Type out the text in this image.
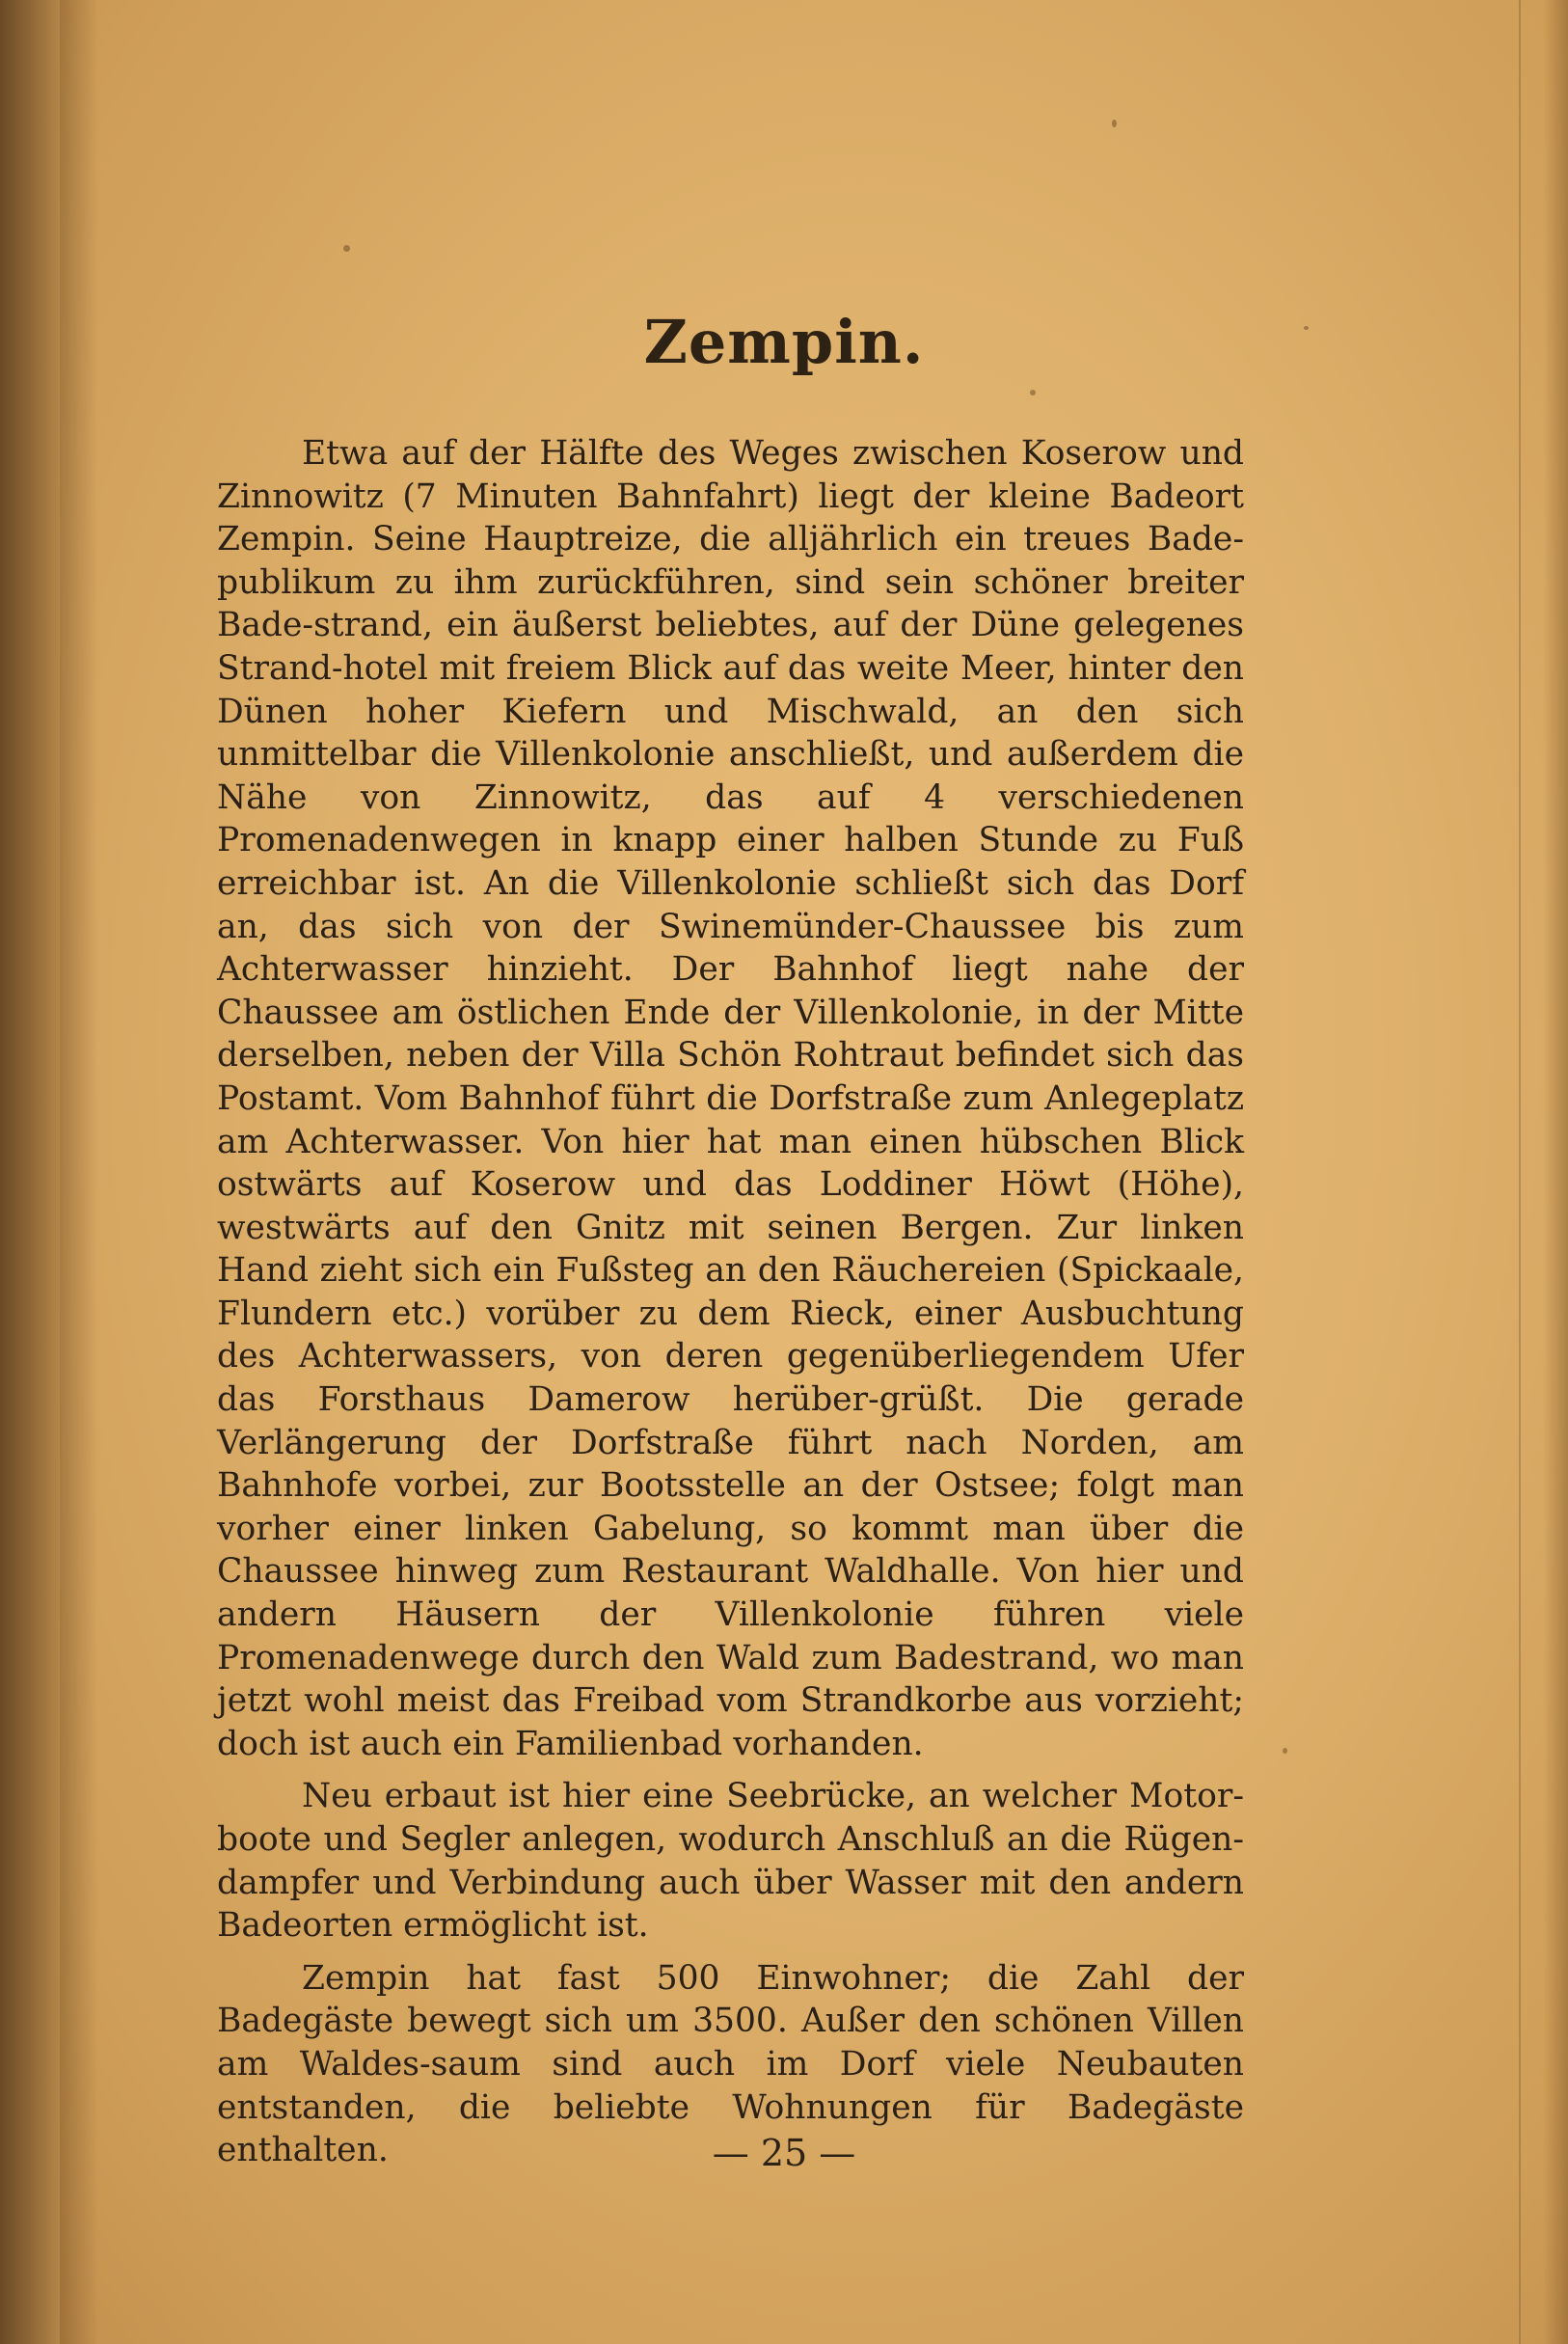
Zempin.

Etwa auf der Hälfte des Weges zwischen Koserow und Zinnowitz (7 Minuten Bahnfahrt) liegt der kleine Badeort Zempin. Seine Hauptreize, die alljährlich ein treues Bade-publikum zu ihm zurückführen, sind sein schöner breiter Bade-strand, ein äußerst beliebtes, auf der Düne gelegenes Strand-hotel mit freiem Blick auf das weite Meer, hinter den Dünen hoher Kiefern und Mischwald, an den sich unmittelbar die Villenkolonie anschließt, und außerdem die Nähe von Zinnowitz, das auf 4 verschiedenen Promenadenwegen in knapp einer halben Stunde zu Fuß erreichbar ist. An die Villenkolonie schließt sich das Dorf an, das sich von der Swinemünder-Chaussee bis zum Achterwasser hinzieht. Der Bahnhof liegt nahe der Chaussee am östlichen Ende der Villenkolonie, in der Mitte derselben, neben der Villa Schön Rohtraut befindet sich das Postamt. Vom Bahnhof führt die Dorfstraße zum Anlegeplatz am Achterwasser. Von hier hat man einen hübschen Blick ostwärts auf Koserow und das Loddiner Höwt (Höhe), westwärts auf den Gnitz mit seinen Bergen. Zur linken Hand zieht sich ein Fußsteg an den Räuchereien (Spickaale, Flundern etc.) vorüber zu dem Rieck, einer Ausbuchtung des Achterwassers, von deren gegenüberliegendem Ufer das Forsthaus Damerow herüber-grüßt. Die gerade Verlängerung der Dorfstraße führt nach Norden, am Bahnhofe vorbei, zur Bootsstelle an der Ostsee; folgt man vorher einer linken Gabelung, so kommt man über die Chaussee hinweg zum Restaurant Waldhalle. Von hier und andern Häusern der Villenkolonie führen viele Promenadenwege durch den Wald zum Badestrand, wo man jetzt wohl meist das Freibad vom Strandkorbe aus vorzieht; doch ist auch ein Familienbad vorhanden.

Neu erbaut ist hier eine Seebrücke, an welcher Motor-boote und Segler anlegen, wodurch Anschluß an die Rügen-dampfer und Verbindung auch über Wasser mit den andern Badeorten ermöglicht ist.

Zempin hat fast 500 Einwohner; die Zahl der Badegäste bewegt sich um 3500. Außer den schönen Villen am Waldes-saum sind auch im Dorf viele Neubauten entstanden, die beliebte Wohnungen für Badegäste enthalten.	— 25 —
